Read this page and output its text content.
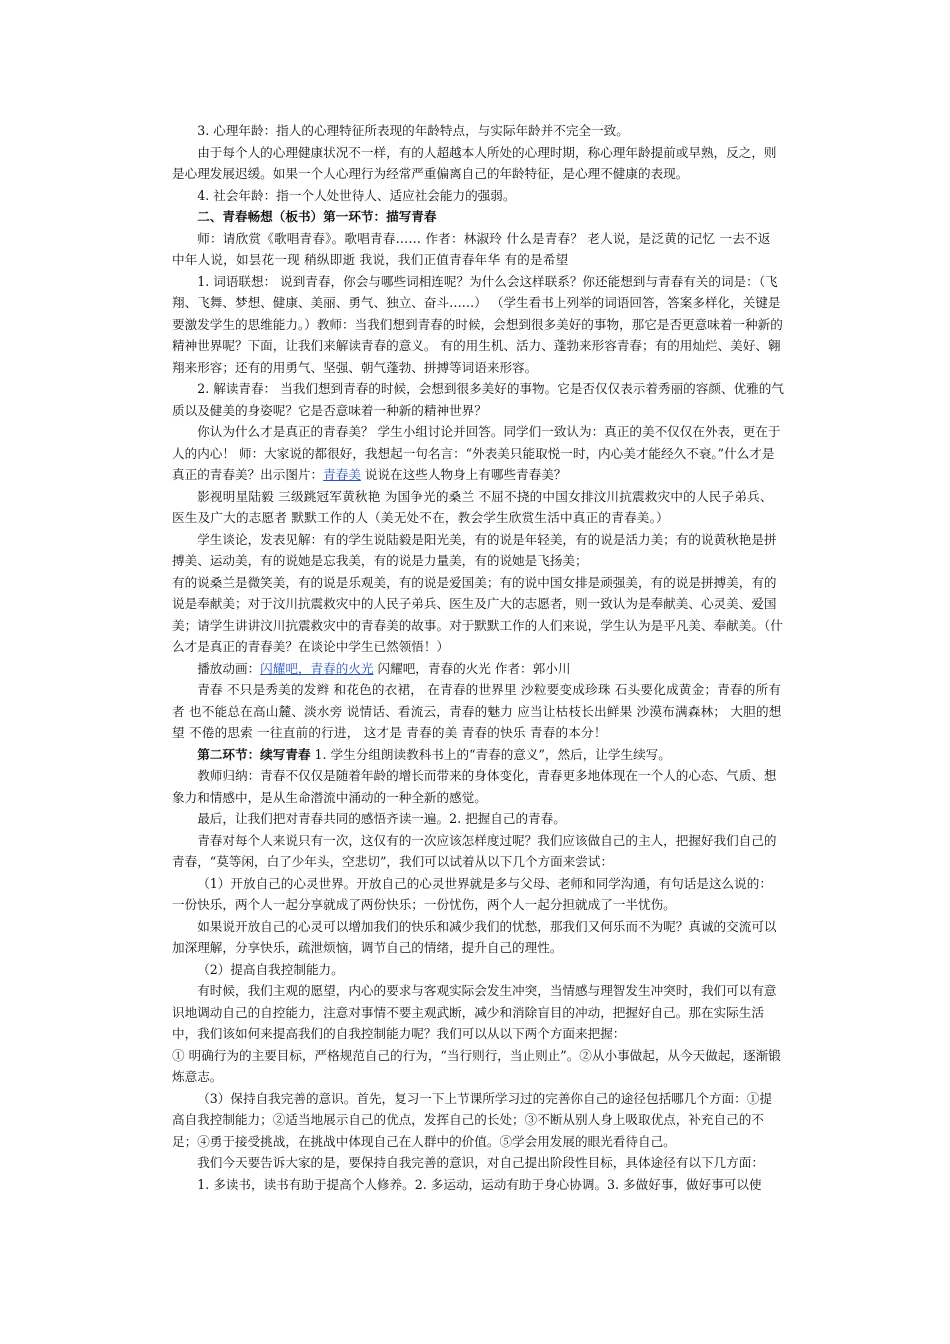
3. 心理年龄：指人的心理特征所表现的年龄特点，与实际年龄并不完全一致。

由于每个人的心理健康状况不一样，有的人超越本人所处的心理时期，称心理年龄提前或早熟，反之，则是心理发展迟缓。如果一个人心理行为经常严重偏离自己的年龄特征，是心理不健康的表现。

4. 社会年龄：指一个人处世待人、适应社会能力的强弱。

二、青春畅想（板书）第一环节：描写青春

师：请欣赏《歌唱青春》。歌唱青春…… 作者：林淑玲 什么是青春？ 老人说，是泛黄的记忆 一去不返 中年人说，如昙花一现 稍纵即逝 我说，我们正值青春年华 有的是希望

1. 词语联想： 说到青春，你会与哪些词相连呢？为什么会这样联系？你还能想到与青春有关的词是：（飞翔、飞舞、梦想、健康、美丽、勇气、独立、奋斗……） （学生看书上列举的词语回答，答案多样化，关键是要激发学生的思维能力。）教师：当我们想到青春的时候，会想到很多美好的事物，那它是否更意味着一种新的精神世界呢？下面，让我们来解读青春的意义。 有的用生机、活力、蓬勃来形容青春；有的用灿烂、美好、翱翔来形容；还有的用勇气、坚强、朝气蓬勃、拼搏等词语来形容。

2. 解读青春： 当我们想到青春的时候，会想到很多美好的事物。它是否仅仅表示着秀丽的容颜、优雅的气质以及健美的身姿呢？它是否意味着一种新的精神世界？

你认为什么才是真正的青春美？ 学生小组讨论并回答。同学们一致认为：真正的美不仅仅在外表，更在于人的内心！ 师：大家说的都很好，我想起一句名言：“外表美只能取悦一时，内心美才能经久不衰。”什么才是真正的青春美？出示图片：青春美 说说在这些人物身上有哪些青春美？

影视明星陆毅 三级跳冠军黄秋艳 为国争光的桑兰 不屈不挠的中国女排汶川抗震救灾中的人民子弟兵、医生及广大的志愿者 默默工作的人（美无处不在，教会学生欣赏生活中真正的青春美。）

学生谈论，发表见解：有的学生说陆毅是阳光美，有的说是年轻美，有的说是活力美；有的说黄秋艳是拼搏美、运动美，有的说她是忘我美，有的说是力量美，有的说她是飞扬美；

有的说桑兰是微笑美，有的说是乐观美，有的说是爱国美；有的说中国女排是顽强美，有的说是拼搏美，有的说是奉献美；对于汶川抗震救灾中的人民子弟兵、医生及广大的志愿者，则一致认为是奉献美、心灵美、爱国美；请学生讲讲汶川抗震救灾中的青春美的故事。对于默默工作的人们来说，学生认为是平凡美、奉献美。（什么才是真正的青春美？在谈论中学生已然领悟！）

播放动画：闪耀吧，青春的火光 闪耀吧，青春的火光 作者：郭小川

青春 不只是秀美的发辫 和花色的衣裙， 在青春的世界里 沙粒要变成珍珠 石头要化成黄金；青春的所有者 也不能总在高山麓、淡水旁 说情话、看流云，青春的魅力 应当让枯枝长出鲜果 沙漠布满森林； 大胆的想望 不倦的思索 一往直前的行进， 这才是 青春的美 青春的快乐 青春的本分！

第二环节：续写青春 1. 学生分组朗读教科书上的“青春的意义”，然后，让学生续写。

教师归纳：青春不仅仅是随着年龄的增长而带来的身体变化，青春更多地体现在一个人的心态、气质、想象力和情感中，是从生命潜流中涌动的一种全新的感觉。

最后，让我们把对青春共同的感悟齐读一遍。2. 把握自己的青春。

青春对每个人来说只有一次，这仅有的一次应该怎样度过呢？我们应该做自己的主人，把握好我们自己的青春，“莫等闲，白了少年头，空悲切”，我们可以试着从以下几个方面来尝试：

（1）开放自己的心灵世界。开放自己的心灵世界就是多与父母、老师和同学沟通，有句话是这么说的：一份快乐，两个人一起分享就成了两份快乐；一份忧伤，两个人一起分担就成了一半忧伤。

如果说开放自己的心灵可以增加我们的快乐和减少我们的忧愁，那我们又何乐而不为呢？真诚的交流可以加深理解，分享快乐，疏泄烦恼，调节自己的情绪，提升自己的理性。

（2）提高自我控制能力。

有时候，我们主观的愿望，内心的要求与客观实际会发生冲突，当情感与理智发生冲突时，我们可以有意识地调动自己的自控能力，注意对事情不要主观武断，减少和消除盲目的冲动，把握好自己。那在实际生活中，我们该如何来提高我们的自我控制能力呢？我们可以从以下两个方面来把握：

① 明确行为的主要目标，严格规范自己的行为，“当行则行，当止则止”。②从小事做起，从今天做起，逐渐锻炼意志。

（3）保持自我完善的意识。首先，复习一下上节课所学习过的完善你自己的途径包括哪几个方面：①提高自我控制能力；②适当地展示自己的优点，发挥自己的长处；③不断从别人身上吸取优点，补充自己的不足；④勇于接受挑战，在挑战中体现自己在人群中的价值。⑤学会用发展的眼光看待自己。

我们今天要告诉大家的是，要保持自我完善的意识，对自己提出阶段性目标，具体途径有以下几方面：

1. 多读书，读书有助于提高个人修养。2. 多运动，运动有助于身心协调。3. 多做好事，做好事可以使
